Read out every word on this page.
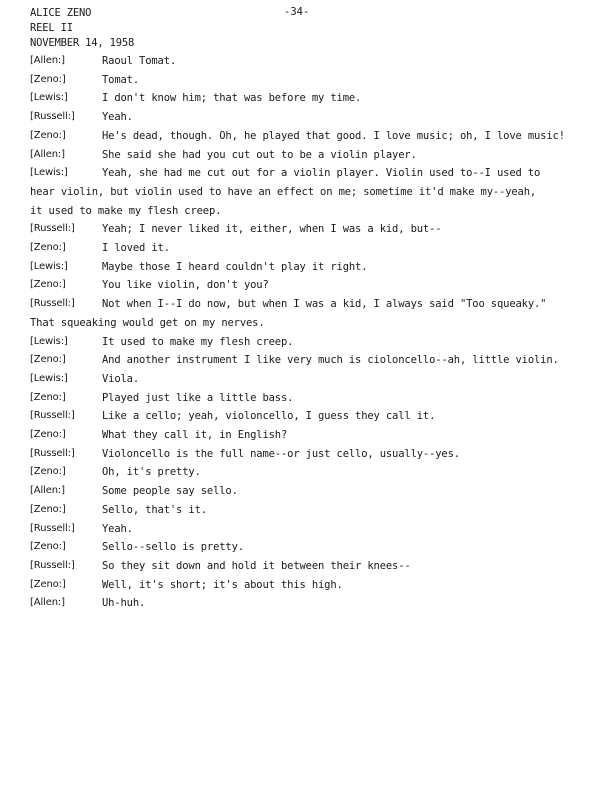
ALICE ZENO
REEL II
NOVEMBER 14, 1958
-34-
[Allen:]	Raoul Tomat.
[Zeno:]	Tomat.
[Lewis:]	I don't know him; that was before my time.
[Russell:]	Yeah.
[Zeno:]	He's dead, though. Oh, he played that good. I love music; oh, I love music!
[Allen:]	She said she had you cut out to be a violin player.
[Lewis:]	Yeah, she had me cut out for a violin player. Violin used to--I used to
hear violin, but violin used to have an effect on me; sometime it'd make my--yeah,
it used to make my flesh creep.
[Russell:]	Yeah; I never liked it, either, when I was a kid, but--
[Zeno:]	I loved it.
[Lewis:]	Maybe those I heard couldn't play it right.
[Zeno:]	You like violin, don't you?
[Russell:]	Not when I--I do now, but when I was a kid, I always said "Too squeaky."
That squeaking would get on my nerves.
[Lewis:]	It used to make my flesh creep.
[Zeno:]	And another instrument I like very much is cioloncello--ah, little violin.
[Lewis:]	Viola.
[Zeno:]	Played just like a little bass.
[Russell:]	Like a cello; yeah, violoncello, I guess they call it.
[Zeno:]	What they call it, in English?
[Russell:]	Violoncello is the full name--or just cello, usually--yes.
[Zeno:]	Oh, it's pretty.
[Allen:]	Some people say sello.
[Zeno:]	Sello, that's it.
[Russell:]	Yeah.
[Zeno:]	Sello--sello is pretty.
[Russell:]	So they sit down and hold it between their knees--
[Zeno:]	Well, it's short; it's about this high.
[Allen:]	Uh-huh.
